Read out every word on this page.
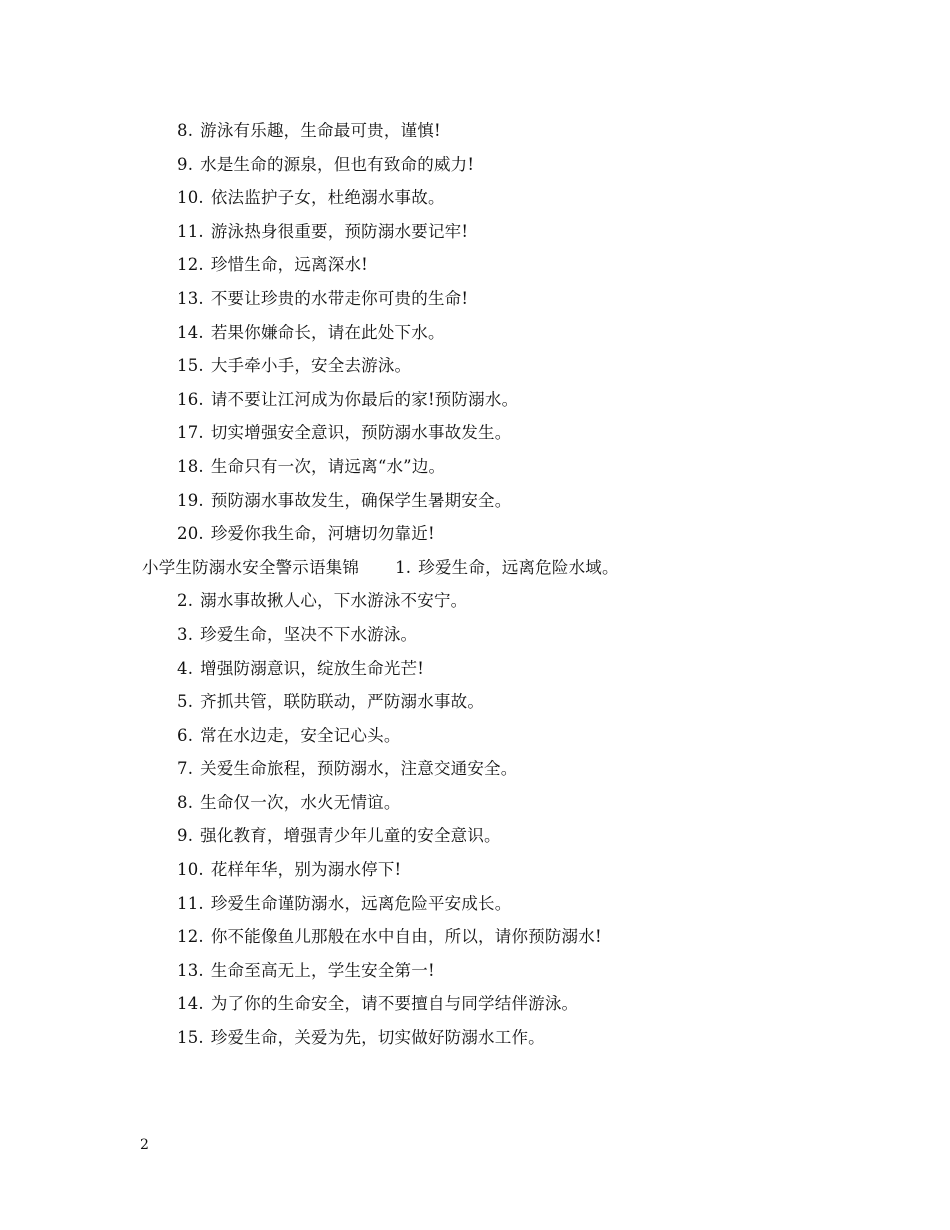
8. 游泳有乐趣，生命最可贵，谨慎!
9. 水是生命的源泉，但也有致命的威力!
10. 依法监护子女，杜绝溺水事故。
11. 游泳热身很重要，预防溺水要记牢!
12. 珍惜生命，远离深水!
13. 不要让珍贵的水带走你可贵的生命!
14. 若果你嫌命长，请在此处下水。
15. 大手牵小手，安全去游泳。
16. 请不要让江河成为你最后的家!预防溺水。
17. 切实增强安全意识，预防溺水事故发生。
18. 生命只有一次，请远离“水”边。
19. 预防溺水事故发生，确保学生暑期安全。
20. 珍爱你我生命，河塘切勿靠近!
小学生防溺水安全警示语集锦 1. 珍爱生命，远离危险水域。
2. 溺水事故揪人心，下水游泳不安宁。
3. 珍爱生命，坚决不下水游泳。
4. 增强防溺意识，绽放生命光芒!
5. 齐抓共管，联防联动，严防溺水事故。
6. 常在水边走，安全记心头。
7. 关爱生命旅程，预防溺水，注意交通安全。
8. 生命仅一次，水火无情谊。
9. 强化教育，增强青少年儿童的安全意识。
10. 花样年华，别为溺水停下!
11. 珍爱生命谨防溺水，远离危险平安成长。
12. 你不能像鱼儿那般在水中自由，所以，请你预防溺水!
13. 生命至高无上，学生安全第一!
14. 为了你的生命安全，请不要擅自与同学结伴游泳。
15. 珍爱生命，关爱为先，切实做好防溺水工作。
2
